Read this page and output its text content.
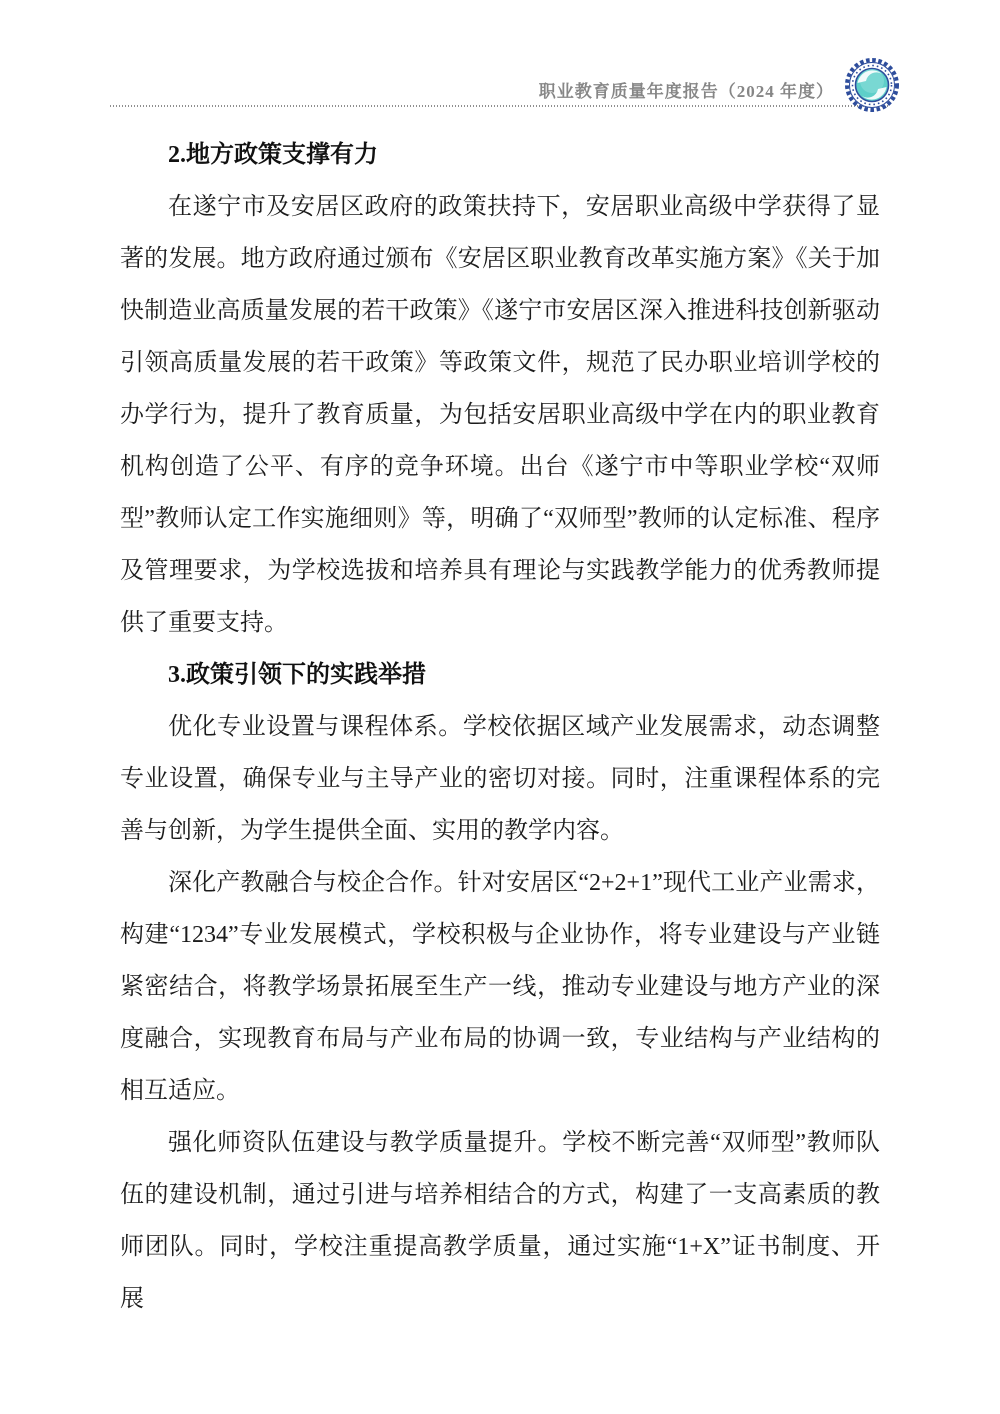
职业教育质量年度报告（2024 年度）
2.地方政策支撑有力

在遂宁市及安居区政府的政策扶持下，安居职业高级中学获得了显著的发展。地方政府通过颁布《安居区职业教育改革实施方案》《关于加快制造业高质量发展的若干政策》《遂宁市安居区深入推进科技创新驱动引领高质量发展的若干政策》等政策文件，规范了民办职业培训学校的办学行为，提升了教育质量，为包括安居职业高级中学在内的职业教育机构创造了公平、有序的竞争环境。出台《遂宁市中等职业学校“双师型”教师认定工作实施细则》等，明确了“双师型”教师的认定标准、程序及管理要求，为学校选拔和培养具有理论与实践教学能力的优秀教师提供了重要支持。

3.政策引领下的实践举措

优化专业设置与课程体系。学校依据区域产业发展需求，动态调整专业设置，确保专业与主导产业的密切对接。同时，注重课程体系的完善与创新，为学生提供全面、实用的教学内容。

深化产教融合与校企合作。针对安居区“2+2+1”现代工业产业需求，构建“1234”专业发展模式，学校积极与企业协作，将专业建设与产业链紧密结合，将教学场景拓展至生产一线，推动专业建设与地方产业的深度融合，实现教育布局与产业布局的协调一致，专业结构与产业结构的相互适应。

强化师资队伍建设与教学质量提升。学校不断完善“双师型”教师队伍的建设机制，通过引进与培养相结合的方式，构建了一支高素质的教师团队。同时，学校注重提高教学质量，通过实施“1+X”证书制度、开展
